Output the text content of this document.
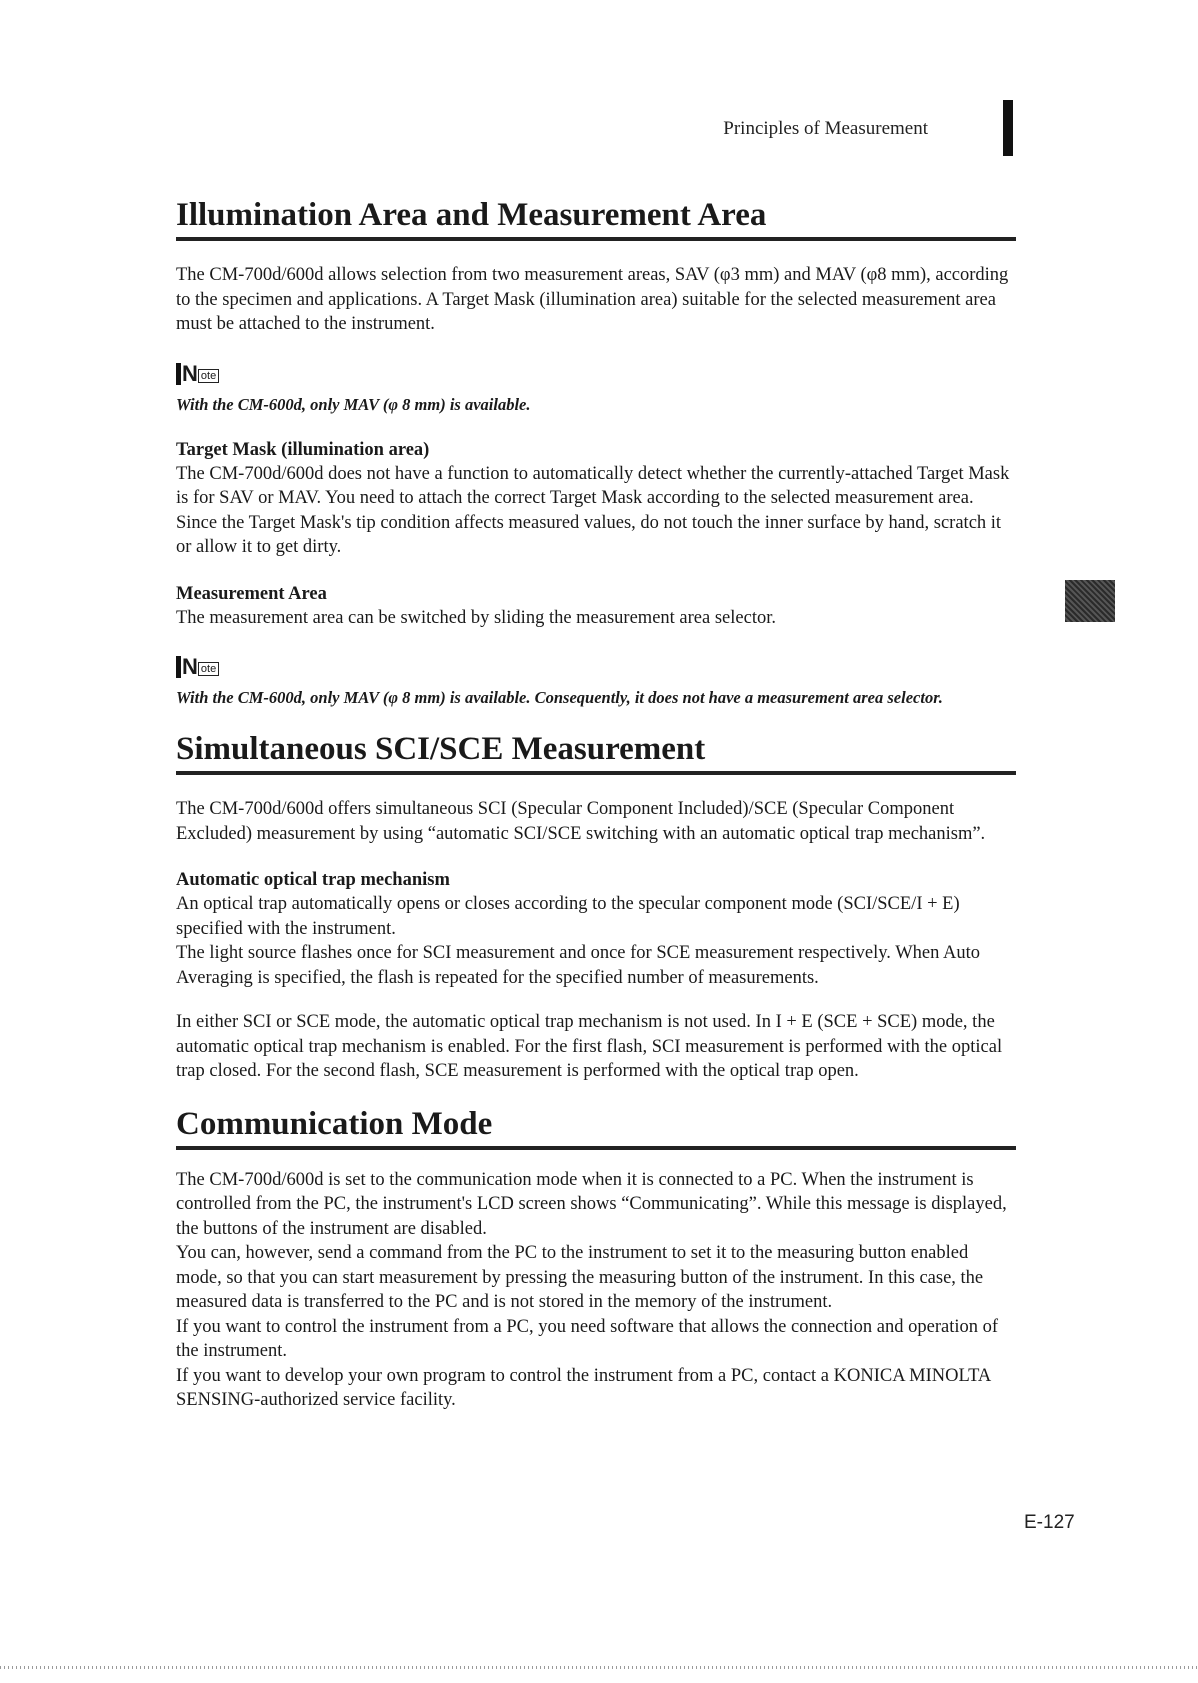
Principles of Measurement
Illumination Area and Measurement Area

The CM-700d/600d allows selection from two measurement areas, SAV (φ3 mm) and MAV (φ8 mm), according to the specimen and applications. A Target Mask (illumination area) suitable for the selected measurement area must be attached to the instrument.

N ote

With the CM-600d, only MAV (φ 8 mm) is available.

Target Mask (illumination area)

The CM-700d/600d does not have a function to automatically detect whether the currently-attached Target Mask is for SAV or MAV. You need to attach the correct Target Mask according to the selected measurement area.

Since the Target Mask's tip condition affects measured values, do not touch the inner surface by hand, scratch it or allow it to get dirty.

Measurement Area

The measurement area can be switched by sliding the measurement area selector.

N ote

With the CM-600d, only MAV (φ 8 mm) is available. Consequently, it does not have a measurement area selector.

Simultaneous SCI/SCE Measurement

The CM-700d/600d offers simultaneous SCI (Specular Component Included)/SCE (Specular Component Excluded) measurement by using “automatic SCI/SCE switching with an automatic optical trap mechanism”.

Automatic optical trap mechanism

An optical trap automatically opens or closes according to the specular component mode (SCI/SCE/I + E) specified with the instrument.

The light source flashes once for SCI measurement and once for SCE measurement respectively. When Auto Averaging is specified, the flash is repeated for the specified number of measurements.

In either SCI or SCE mode, the automatic optical trap mechanism is not used. In I + E (SCE + SCE) mode, the automatic optical trap mechanism is enabled. For the first flash, SCI measurement is performed with the optical trap closed. For the second flash, SCE measurement is performed with the optical trap open.

Communication Mode

The CM-700d/600d is set to the communication mode when it is connected to a PC. When the instrument is controlled from the PC, the instrument's LCD screen shows “Communicating”. While this message is displayed, the buttons of the instrument are disabled.

You can, however, send a command from the PC to the instrument to set it to the measuring button enabled mode, so that you can start measurement by pressing the measuring button of the instrument. In this case, the measured data is transferred to the PC and is not stored in the memory of the instrument.

If you want to control the instrument from a PC, you need software that allows the connection and operation of the instrument.

If you want to develop your own program to control the instrument from a PC, contact a KONICA MINOLTA SENSING-authorized service facility.

E-127
